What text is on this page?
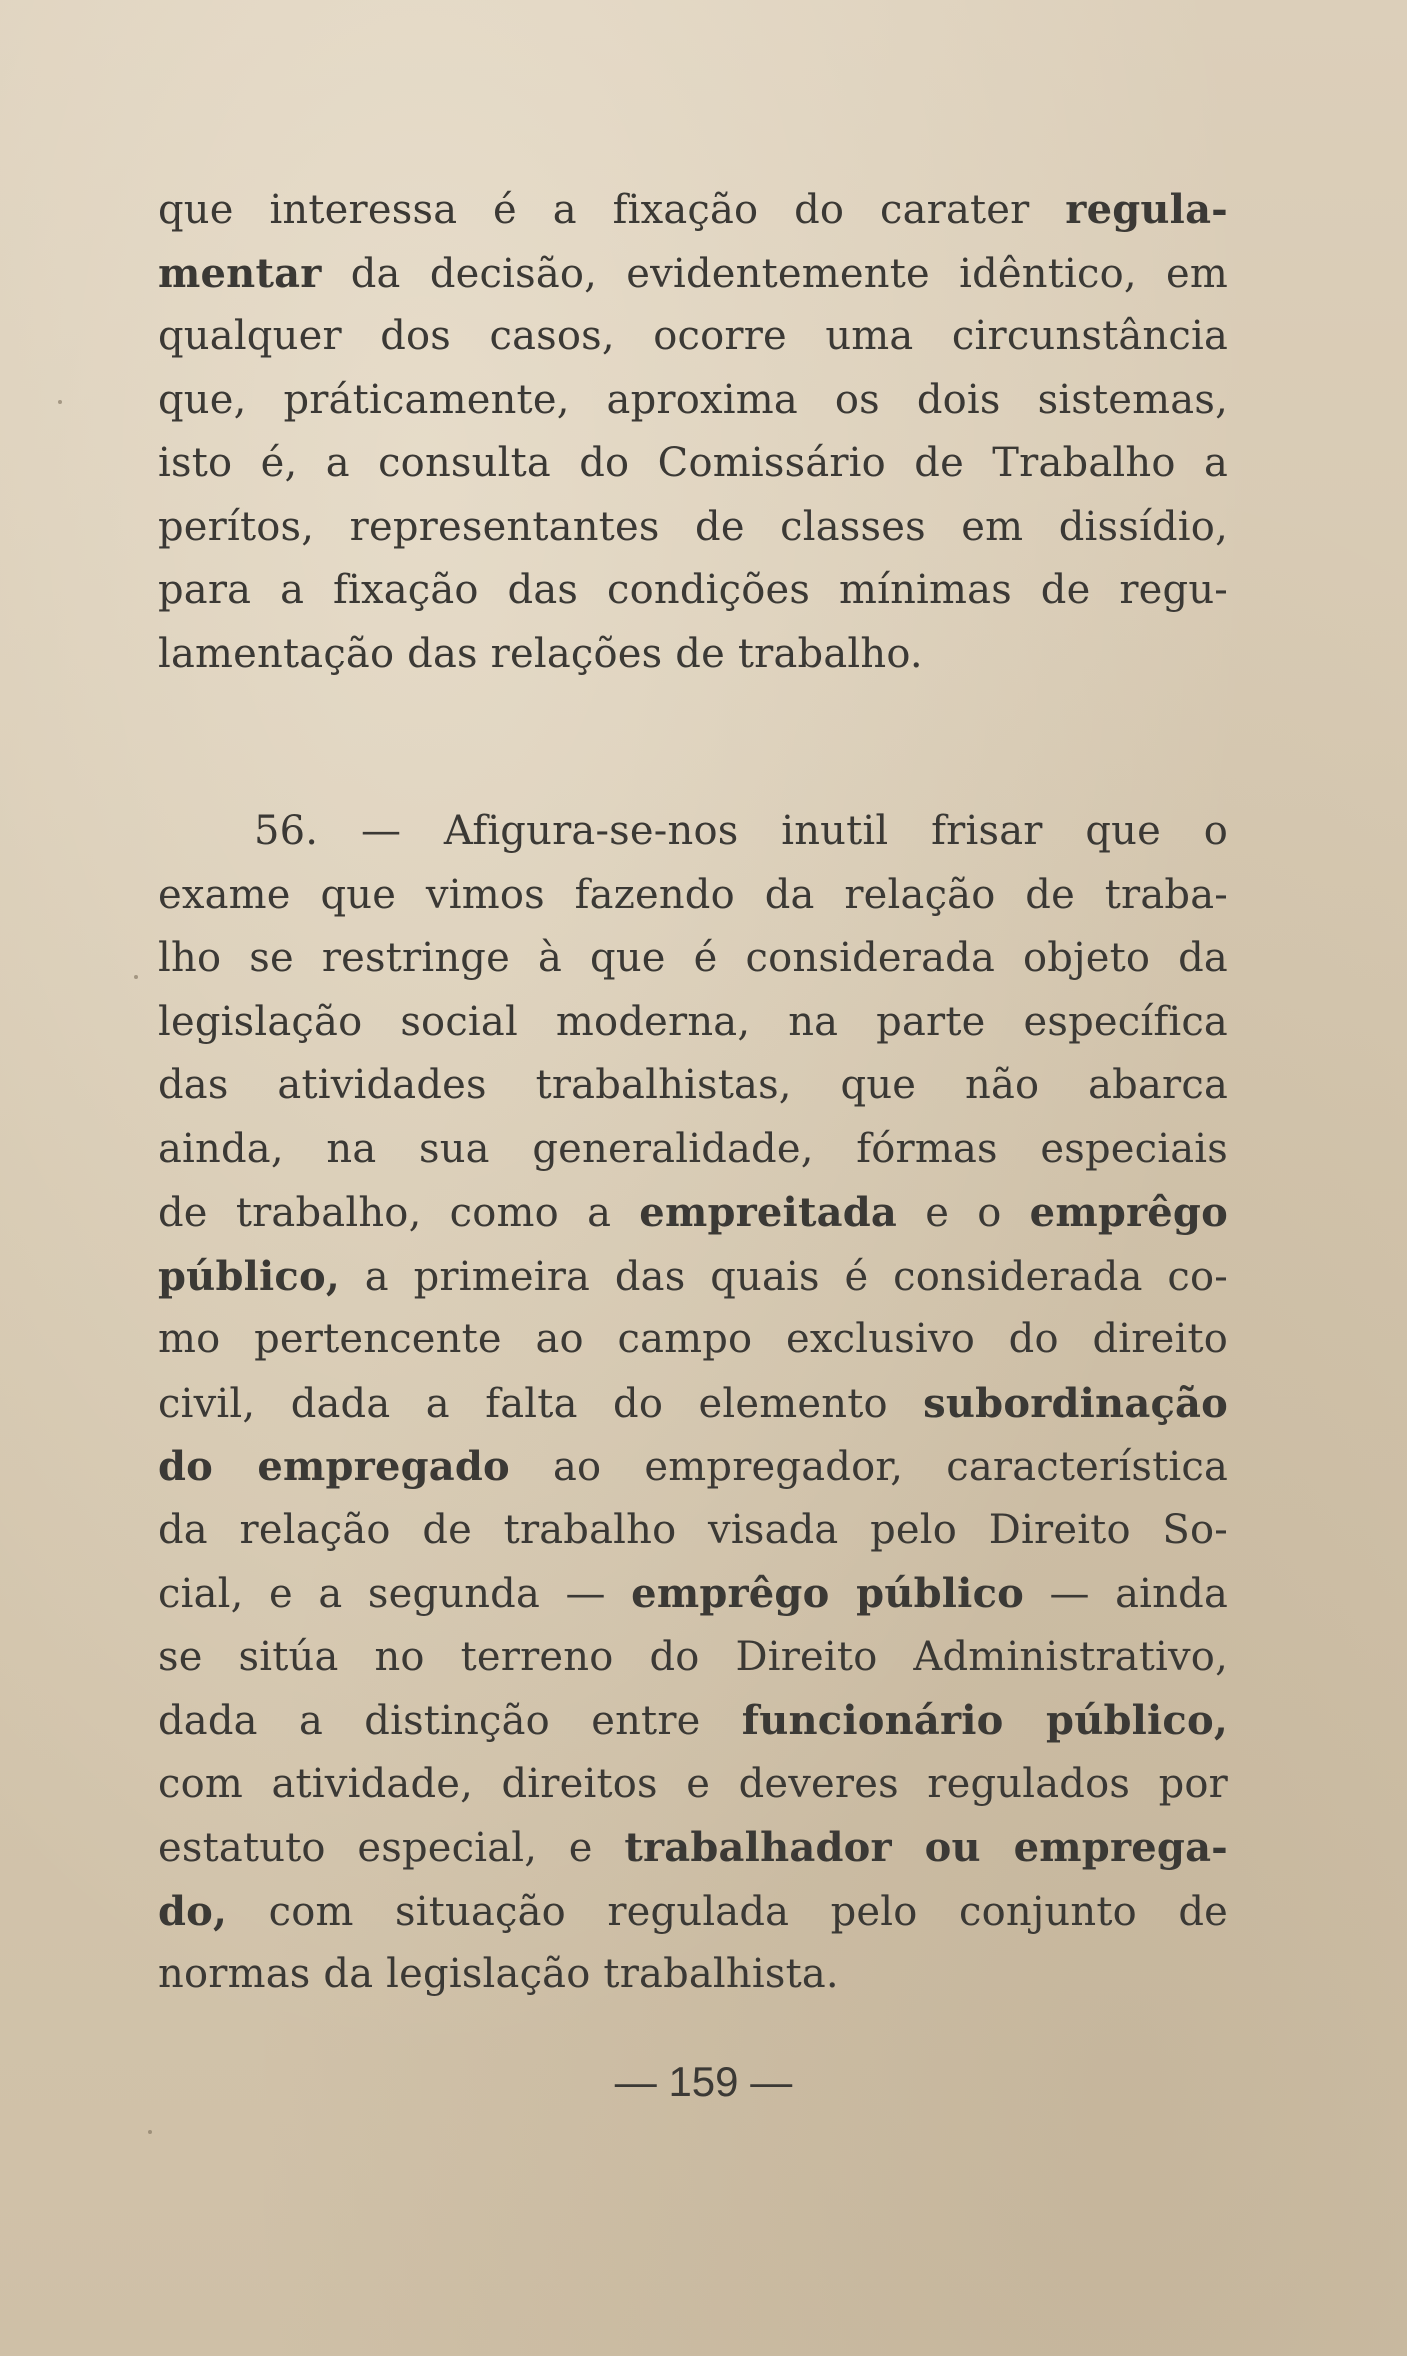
que interessa é a fixação do carater regula-
mentar da decisão, evidentemente idêntico, em
qualquer dos casos, ocorre uma circunstância
que, práticamente, aproxima os dois sistemas,
isto é, a consulta do Comissário de Trabalho a
perítos, representantes de classes em dissídio,
para a fixação das condições mínimas de regu-
lamentação das relações de trabalho.
56. — Afigura-se-nos inutil frisar que o
exame que vimos fazendo da relação de traba-
lho se restringe à que é considerada objeto da
legislação social moderna, na parte específica
das atividades trabalhistas, que não abarca
ainda, na sua generalidade, fórmas especiais
de trabalho, como a empreitada e o emprêgo
público, a primeira das quais é considerada co-
mo pertencente ao campo exclusivo do direito
civil, dada a falta do elemento subordinação
do empregado ao empregador, característica
da relação de trabalho visada pelo Direito So-
cial, e a segunda — emprêgo público — ainda
se sitúa no terreno do Direito Administrativo,
dada a distinção entre funcionário público,
com atividade, direitos e deveres regulados por
estatuto especial, e trabalhador ou emprega-
do, com situação regulada pelo conjunto de
normas da legislação trabalhista.
— 159 —
